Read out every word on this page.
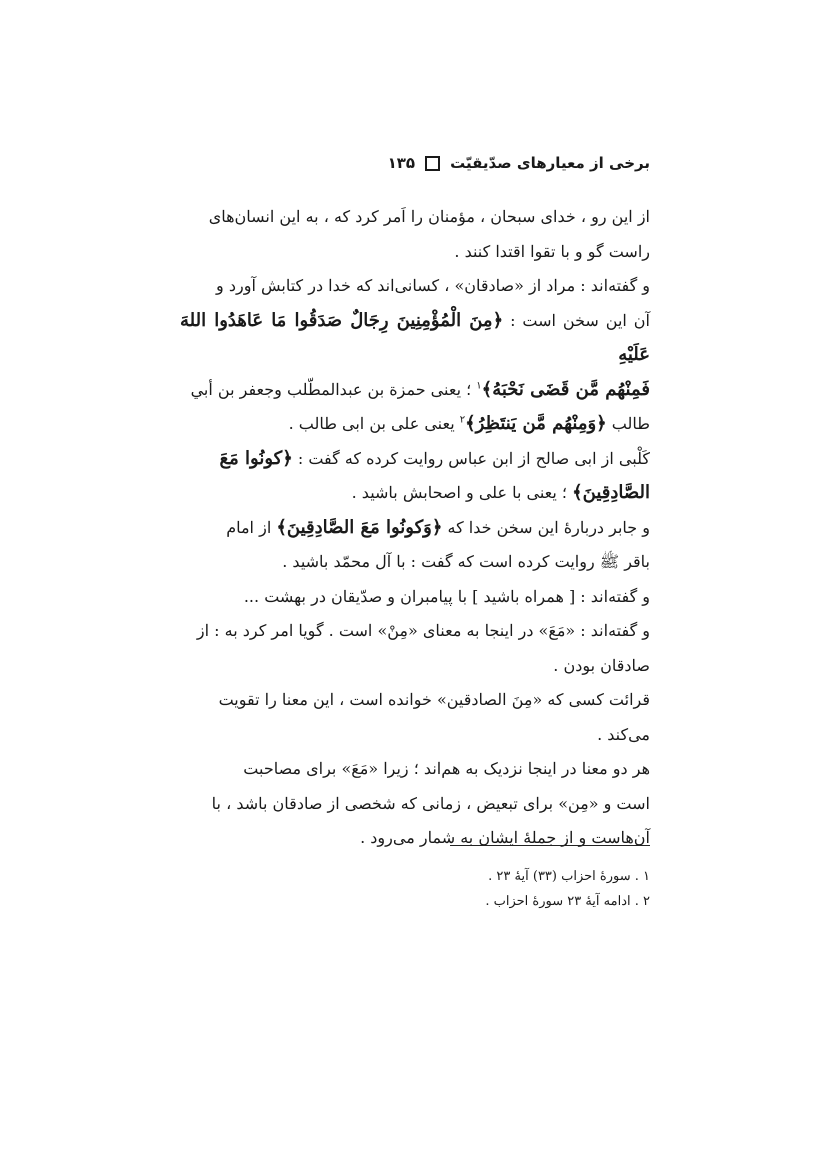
برخی از معیارهای صدّیقیّت
۱۳۵

از این رو ، خدای سبحان ، مؤمنان را اَمر کرد که ، به این انسان‌های
راست گو و با تقوا اقتدا کنند .

و گفته‌اند : مراد از «صادقان» ، کسانی‌اند که خدا در کتابش آورد و
آن این سخن است : ﴿مِنَ الْمُؤْمِنِينَ رِجَالٌ صَدَقُوا مَا عَاهَدُوا اللهَ عَلَيْهِ
فَمِنْهُم مَّن قَضَى نَحْبَهُ﴾$^۱$ ؛ یعنی حمزة بن عبدالمطّلب وجعفر بن أبي
طالب ﴿وَمِنْهُم مَّن يَنتَظِرُ﴾$^۲$ یعنی علی بن ابی طالب .

کَلْبی از ابی صالح از ابن عباس روایت کرده که گفت : ﴿كونُوا مَعَ
الصَّادِقِينَ﴾ ؛ یعنی با علی و اصحابش باشید .

و جابر دربارهٔ این سخن خدا که ﴿وَكونُوا مَعَ الصَّادِقِينَ﴾ از امام
باقر ﷺ روایت کرده است که گفت : با آل محمّد باشید .

و گفته‌اند : [ همراه باشید ] با پیامبران و صدّیقان در بهشت ...

و گفته‌اند : «مَعَ» در اینجا به معنای «مِنْ» است . گویا امر کرد به : از
صادقان بودن .

قرائت کسی که «مِنَ الصادقين» خوانده است ، این معنا را تقویت
می‌کند .

هر دو معنا در اینجا نزدیک به هم‌اند ؛ زیرا «مَعَ» برای مصاحبت
است و «مِن» برای تبعیض ، زمانی که شخصی از صادقان باشد ، با
آن‌هاست و از جملهٔ ایشان به شمار می‌رود .

۱ . سورهٔ احزاب (۳۳) آیهٔ ۲۳ .

۲ . ادامه آیهٔ ۲۳ سورهٔ احزاب .
